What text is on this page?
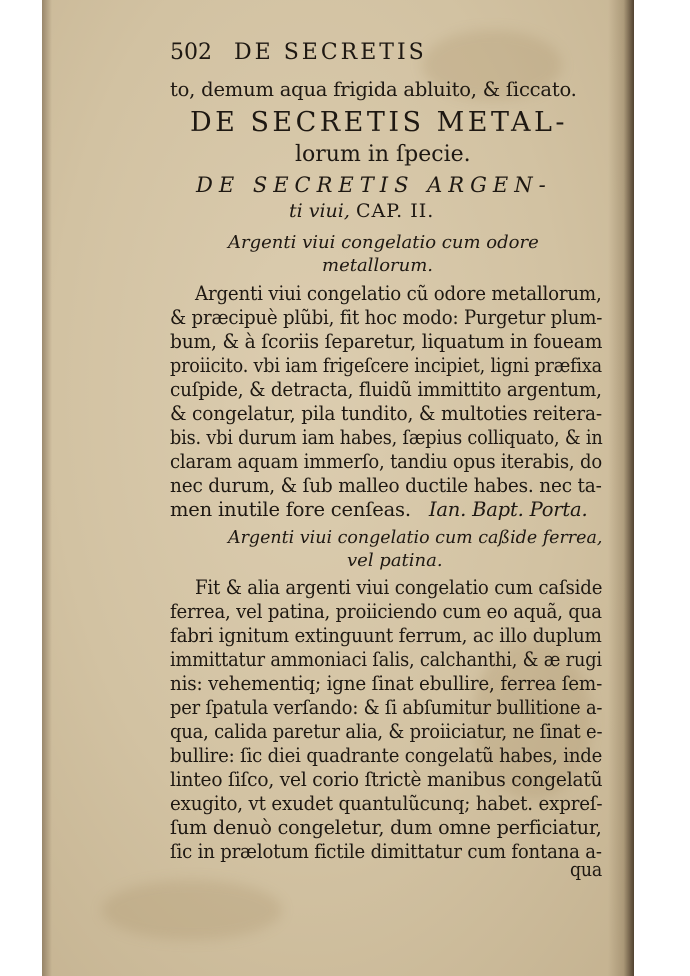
502 DE SECRETIS
to, demum aqua frigida abluito, & ſiccato.
DE SECRETIS METAL-
lorum in ſpecie.
DE SECRETIS ARGEN-
ti viui, CAP. II.
Argenti viui congelatio cum odore
metallorum.
Argenti viui congelatio cũ odore metallorum,
& præcipuè plũbi, fit hoc modo: Purgetur plum-
bum, & à ſcoriis ſeparetur, liquatum in foueam
proiicito. vbi iam frigeſcere incipiet, ligni præfixa
cuſpide, & detracta, fluidũ immittito argentum,
& congelatur, pila tundito, & multoties reitera-
bis. vbi durum iam habes, ſæpius colliquato, & in
claram aquam immerſo, tandiu opus iterabis, do
nec durum, & ſub malleo ductile habes. nec ta-
men inutile fore cenſeas. Ian. Bapt. Porta.
Argenti viui congelatio cum caßide ferrea,
vel patina.
Fit & alia argenti viui congelatio cum caſside
ferrea, vel patina, proiiciendo cum eo aquã, qua
fabri ignitum extinguunt ferrum, ac illo duplum
immittatur ammoniaci ſalis, calchanthi, & æ rugi
nis: vehementiq; igne ſinat ebullire, ferrea ſem-
per ſpatula verſando: & ſi abſumitur bullitione a-
qua, calida paretur alia, & proiiciatur, ne ſinat e-
bullire: ſic diei quadrante congelatũ habes, inde
linteo ſiſco, vel corio ſtrictè manibus congelatũ
exugito, vt exudet quantulũcunq; habet. expreſ-
ſum denuò congeletur, dum omne perficiatur,
ſic in prælotum fictile dimittatur cum fontana a-
qua
